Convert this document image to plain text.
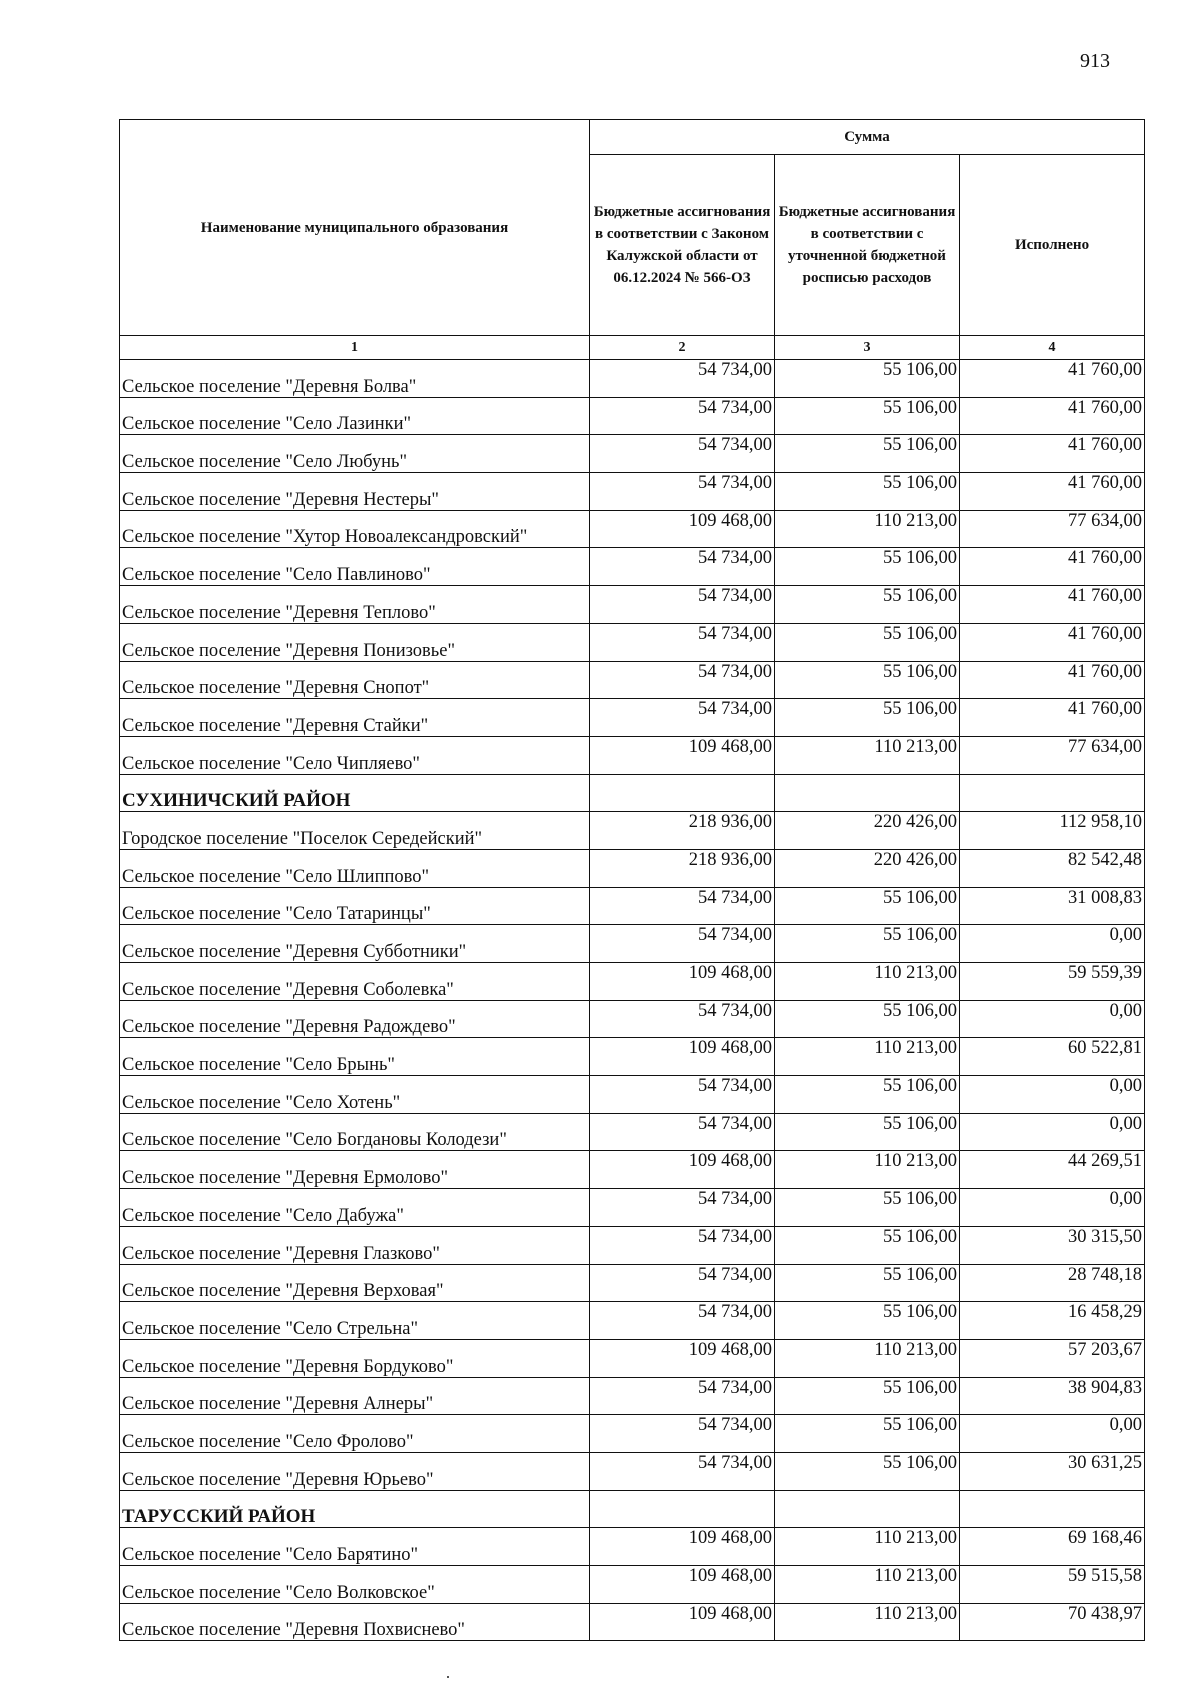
913
Наименование муниципального образования	Сумма		
	Бюджетные ассигнования в соответствии с Законом Калужской области от 06.12.2024 № 566-ОЗ	Бюджетные ассигнования в соответствии с уточненной бюджетной росписью расходов	Исполнено
1	2	3	4
Сельское поселение "Деревня Болва"	54 734,00	55 106,00	41 760,00
Сельское поселение "Село Лазинки"	54 734,00	55 106,00	41 760,00
Сельское поселение "Село Любунь"	54 734,00	55 106,00	41 760,00
Сельское поселение "Деревня Нестеры"	54 734,00	55 106,00	41 760,00
Сельское поселение "Хутор Новоалександровский"	109 468,00	110 213,00	77 634,00
Сельское поселение "Село Павлиново"	54 734,00	55 106,00	41 760,00
Сельское поселение "Деревня Теплово"	54 734,00	55 106,00	41 760,00
Сельское поселение "Деревня Понизовье"	54 734,00	55 106,00	41 760,00
Сельское поселение "Деревня Снопот"	54 734,00	55 106,00	41 760,00
Сельское поселение "Деревня Стайки"	54 734,00	55 106,00	41 760,00
Сельское поселение "Село Чипляево"	109 468,00	110 213,00	77 634,00
СУХИНИЧСКИЙ РАЙОН			
Городское поселение "Поселок Середейский"	218 936,00	220 426,00	112 958,10
Сельское поселение "Село Шлиппово"	218 936,00	220 426,00	82 542,48
Сельское поселение "Село Татаринцы"	54 734,00	55 106,00	31 008,83
Сельское поселение "Деревня Субботники"	54 734,00	55 106,00	0,00
Сельское поселение "Деревня Соболевка"	109 468,00	110 213,00	59 559,39
Сельское поселение "Деревня Радождево"	54 734,00	55 106,00	0,00
Сельское поселение "Село Брынь"	109 468,00	110 213,00	60 522,81
Сельское поселение "Село Хотень"	54 734,00	55 106,00	0,00
Сельское поселение "Село Богдановы Колодези"	54 734,00	55 106,00	0,00
Сельское поселение "Деревня Ермолово"	109 468,00	110 213,00	44 269,51
Сельское поселение "Село Дабужа"	54 734,00	55 106,00	0,00
Сельское поселение "Деревня Глазково"	54 734,00	55 106,00	30 315,50
Сельское поселение "Деревня Верховая"	54 734,00	55 106,00	28 748,18
Сельское поселение "Село Стрельна"	54 734,00	55 106,00	16 458,29
Сельское поселение "Деревня Бордуково"	109 468,00	110 213,00	57 203,67
Сельское поселение "Деревня Алнеры"	54 734,00	55 106,00	38 904,83
Сельское поселение "Село Фролово"	54 734,00	55 106,00	0,00
Сельское поселение "Деревня Юрьево"	54 734,00	55 106,00	30 631,25
ТАРУССКИЙ РАЙОН			
Сельское поселение "Село Барятино"	109 468,00	110 213,00	69 168,46
Сельское поселение "Село Волковское"	109 468,00	110 213,00	59 515,58
Сельское поселение "Деревня Похвиснево"	109 468,00	110 213,00	70 438,97
